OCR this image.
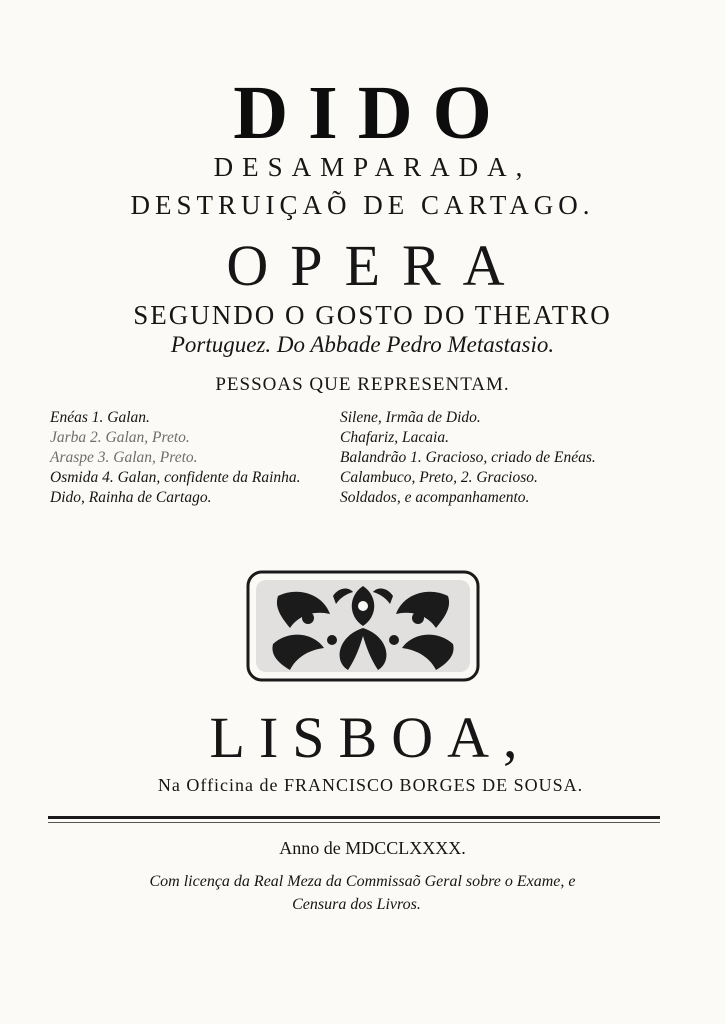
DIDO
DESAMPARADA,
DESTRUIÇAÕ DE CARTAGO.
OPERA
SEGUNDO O GOSTO DO THEATRO
Portuguez. Do Abbade Pedro Metastasio.
PESSOAS QUE REPRESENTAM.

Enéas 1. Galan.

Jarba 2. Galan, Preto.

Araspe 3. Galan, Preto.

Osmida 4. Galan, confidente da Rainha.

Dido, Rainha de Cartago.

Silene, Irmãa de Dido.

Chafariz, Lacaia.

Balandrão 1. Gracioso, criado de Enéas.

Calambuco, Preto, 2. Gracioso.

Soldados, e acompanhamento.

LISBOA,
Na Officina de FRANCISCO BORGES DE SOUSA.
Anno de MDCCLXXXX.
Com licença da Real Meza da Commissaõ Geral sobre o Exame, e
Censura dos Livros.
